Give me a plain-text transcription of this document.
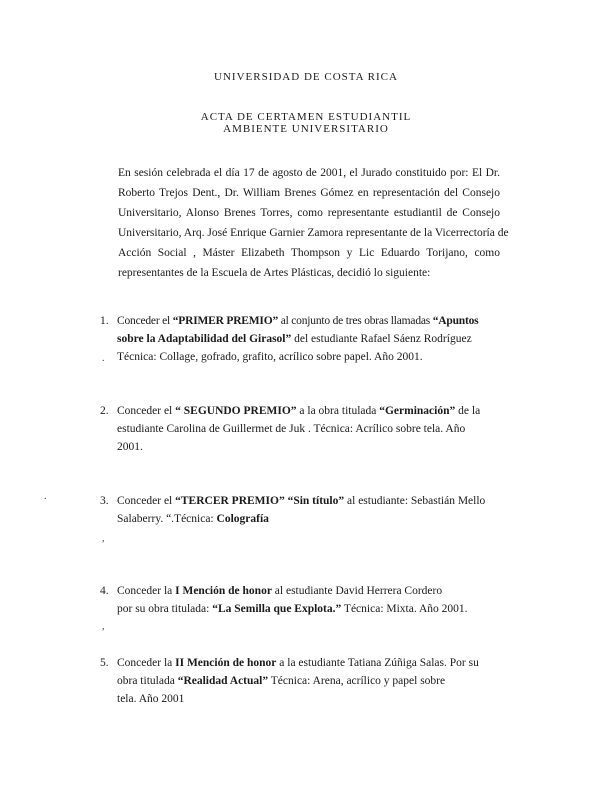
UNIVERSIDAD DE COSTA RICA
ACTA DE CERTAMEN ESTUDIANTIL
AMBIENTE UNIVERSITARIO
En sesión celebrada el día 17 de agosto de 2001, el Jurado constituido por: El Dr.
Roberto Trejos Dent., Dr. William Brenes Gómez en representación del Consejo
Universitario, Alonso Brenes Torres, como representante estudiantil de Consejo
Universitario, Arq. José Enrique Garnier Zamora representante de la Vicerrectoría de
Acción Social , Máster Elizabeth Thompson y Lic Eduardo Torijano, como
representantes de la Escuela de Artes Plásticas, decidió lo siguiente:
1. Conceder el “PRIMER PREMIO” al conjunto de tres obras llamadas “Apuntos
sobre la Adaptabilidad del Girasol” del estudiante Rafael Sáenz Rodríguez
. Técnica: Collage, gofrado, grafito, acrílico sobre papel. Año 2001.
2. Conceder el “ SEGUNDO PREMIO” a la obra titulada “Germinación” de la
estudiante Carolina de Guillermet de Juk . Técnica: Acrílico sobre tela. Año
2001.
.	3. Conceder el “TERCER PREMIO” “Sin título” al estudiante: Sebastián Mello
Salaberry. “.Técnica: Colografía
,
4. Conceder la I Mención de honor al estudiante David Herrera Cordero
por su obra titulada: “La Semilla que Explota.” Técnica: Mixta. Año 2001.
,
5. Conceder la II Mención de honor a la estudiante Tatiana Zúñiga Salas. Por su
obra titulada “Realidad Actual” Técnica: Arena, acrílico y papel sobre
tela. Año 2001
